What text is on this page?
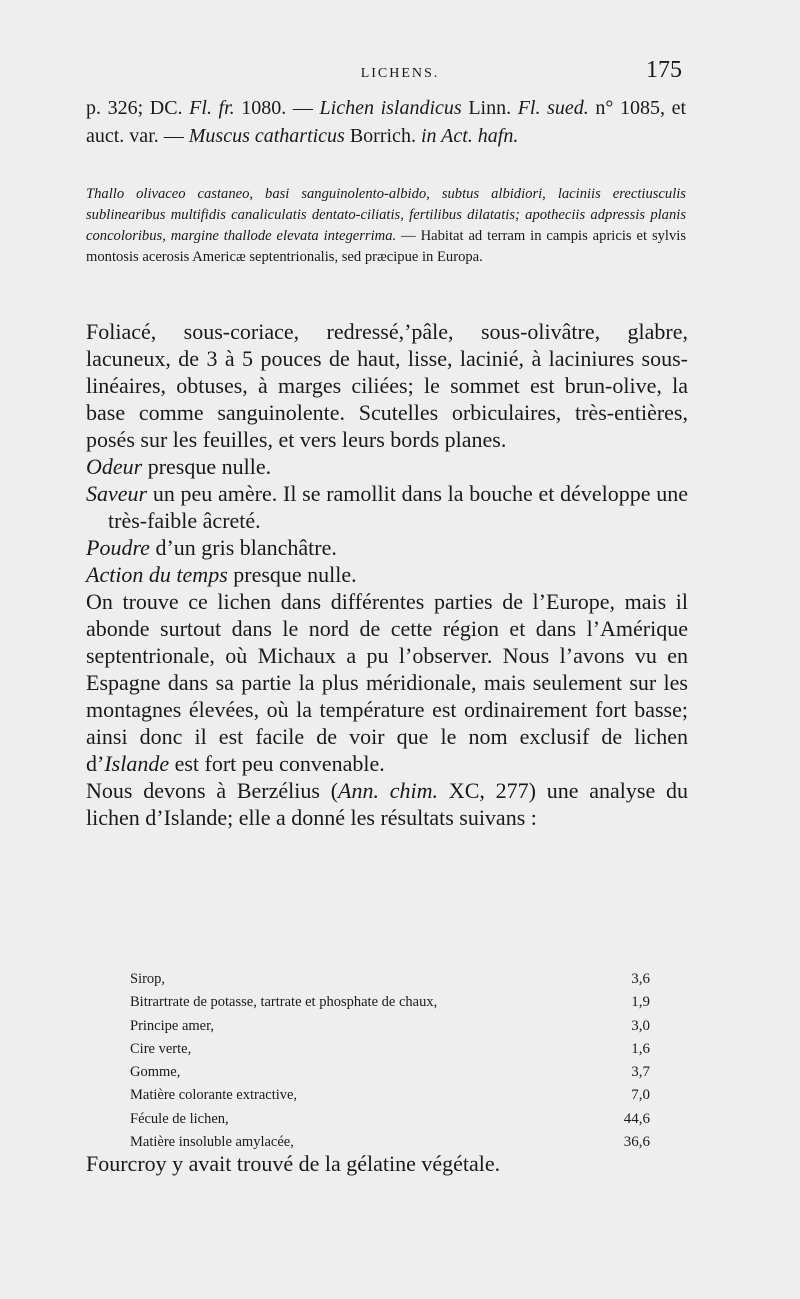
LICHENS.	175
p. 326; DC. Fl. fr. 1080. — Lichen islandicus Linn. Fl. sued. n° 1085, et auct. var. — Muscus catharticus Borrich. in Act. hafn.
Thallo olivaceo castaneo, basi sanguinolento-albido, subtus albidiori, laciniis erectiusculis sublinearibus multifidis canaliculatis dentato-ciliatis, fertilibus dilatatis; apotheciis adpressis planis concoloribus, margine thallode elevata integerrima. — Habitat ad terram in campis apricis et sylvis montosis acerosis Americæ septentrionalis, sed præcipue in Europa.

Foliacé, sous-coriace, redressé,’pâle, sous-olivâtre, glabre, lacuneux, de 3 à 5 pouces de haut, lisse, lacinié, à laciniures sous-linéaires, obtuses, à marges ciliées; le sommet est brun-olive, la base comme sanguinolente. Scutelles orbiculaires, très-entières, posés sur les feuilles, et vers leurs bords planes.

Odeur presque nulle.

Saveur un peu amère. Il se ramollit dans la bouche et développe une très-faible âcreté.

Poudre d’un gris blanchâtre.

Action du temps presque nulle.

On trouve ce lichen dans différentes parties de l’Europe, mais il abonde surtout dans le nord de cette région et dans l’Amérique septentrionale, où Michaux a pu l’observer. Nous l’avons vu en Espagne dans sa partie la plus méridionale, mais seulement sur les montagnes élevées, où la température est ordinairement fort basse; ainsi donc il est facile de voir que le nom exclusif de lichen d’Islande est fort peu convenable.

Nous devons à Berzélius (Ann. chim. XC, 277) une analyse du lichen d’Islande; elle a donné les résultats suivans :

Sirop,	3,6
Bitrartrate de potasse, tartrate et phosphate de chaux,	1,9
Principe amer,	3,0
Cire verte,	1,6
Gomme,	3,7
Matière colorante extractive,	7,0
Fécule de lichen,	44,6
Matière insoluble amylacée,	36,6
Fourcroy y avait trouvé de la gélatine végétale.
